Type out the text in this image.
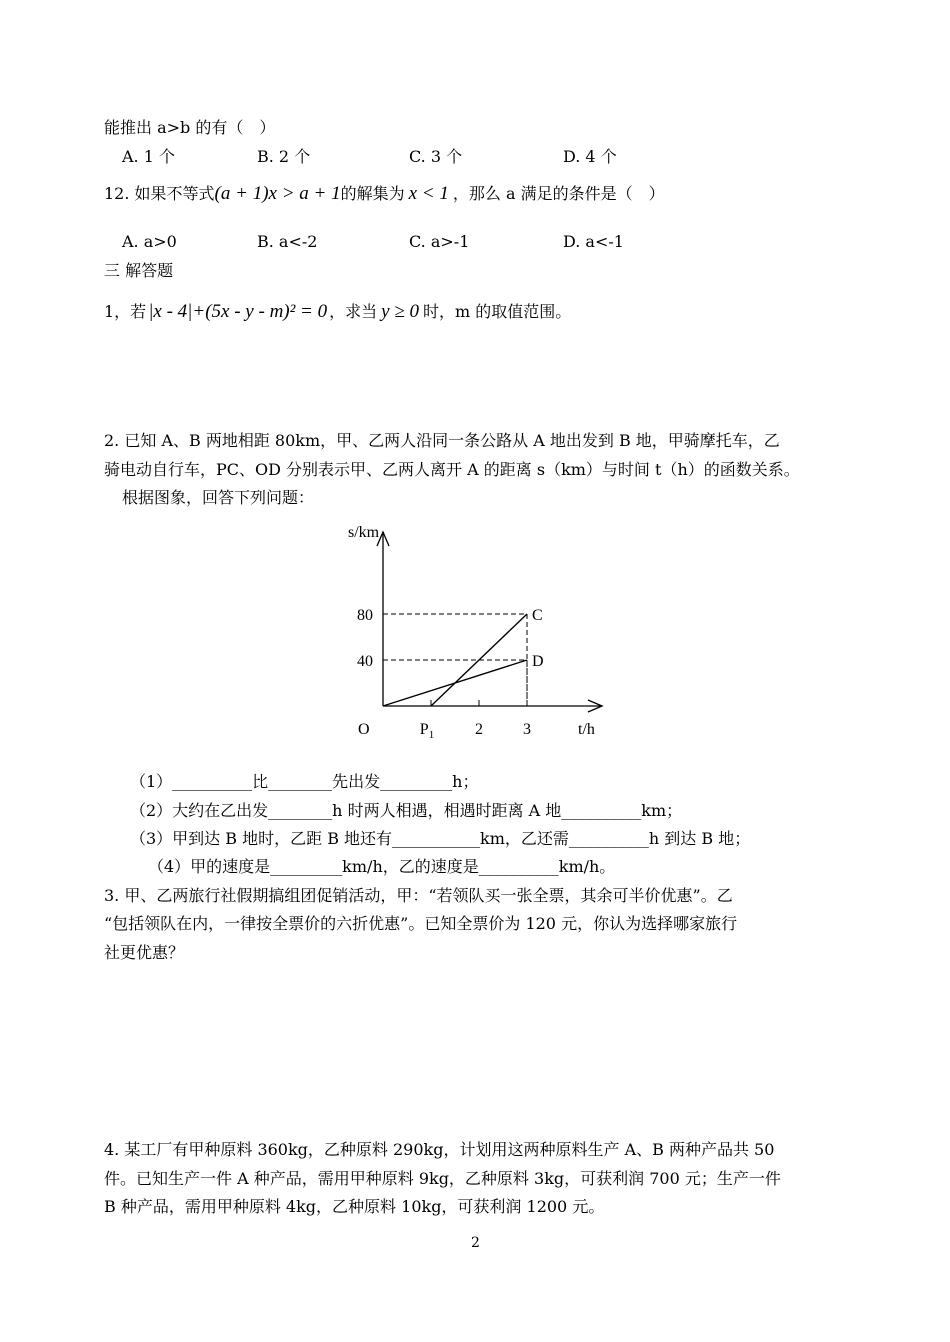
能推出 a>b 的有（　）
A. 1 个	B. 2 个	C. 3 个	D. 4 个
12. 如果不等式(a + 1)x > a + 1的解集为 x < 1 ，那么 a 满足的条件是（　）
A. a>0	B. a<-2	C. a>-1	D. a<-1
三 解答题
1，若 |x - 4|+(5x - y - m)² = 0 ，求当 y ≥ 0 时，m 的取值范围。
2. 已知 A、B 两地相距 80km，甲、乙两人沿同一条公路从 A 地出发到 B 地，甲骑摩托车，乙
骑电动自行车，PC、OD 分别表示甲、乙两人离开 A 的距离 s（km）与时间 t（h）的函数关系。
根据图象，回答下列问题：
s/km
t/h
O
40
80
$P_1$	2	3
C
D
（1）__________比________先出发_________h；
（2）大约在乙出发________h 时两人相遇，相遇时距离 A 地__________km；
（3）甲到达 B 地时，乙距 B 地还有___________km，乙还需__________h 到达 B 地；
（4）甲的速度是_________km/h，乙的速度是__________km/h。
3. 甲、乙两旅行社假期搞组团促销活动，甲：“若领队买一张全票，其余可半价优惠”。乙
“包括领队在内，一律按全票价的六折优惠”。已知全票价为 120 元，你认为选择哪家旅行
社更优惠？
4. 某工厂有甲种原料 360kg，乙种原料 290kg，计划用这两种原料生产 A、B 两种产品共 50
件。已知生产一件 A 种产品，需用甲种原料 9kg，乙种原料 3kg，可获利润 700 元；生产一件
B 种产品，需用甲种原料 4kg，乙种原料 10kg，可获利润 1200 元。
2
